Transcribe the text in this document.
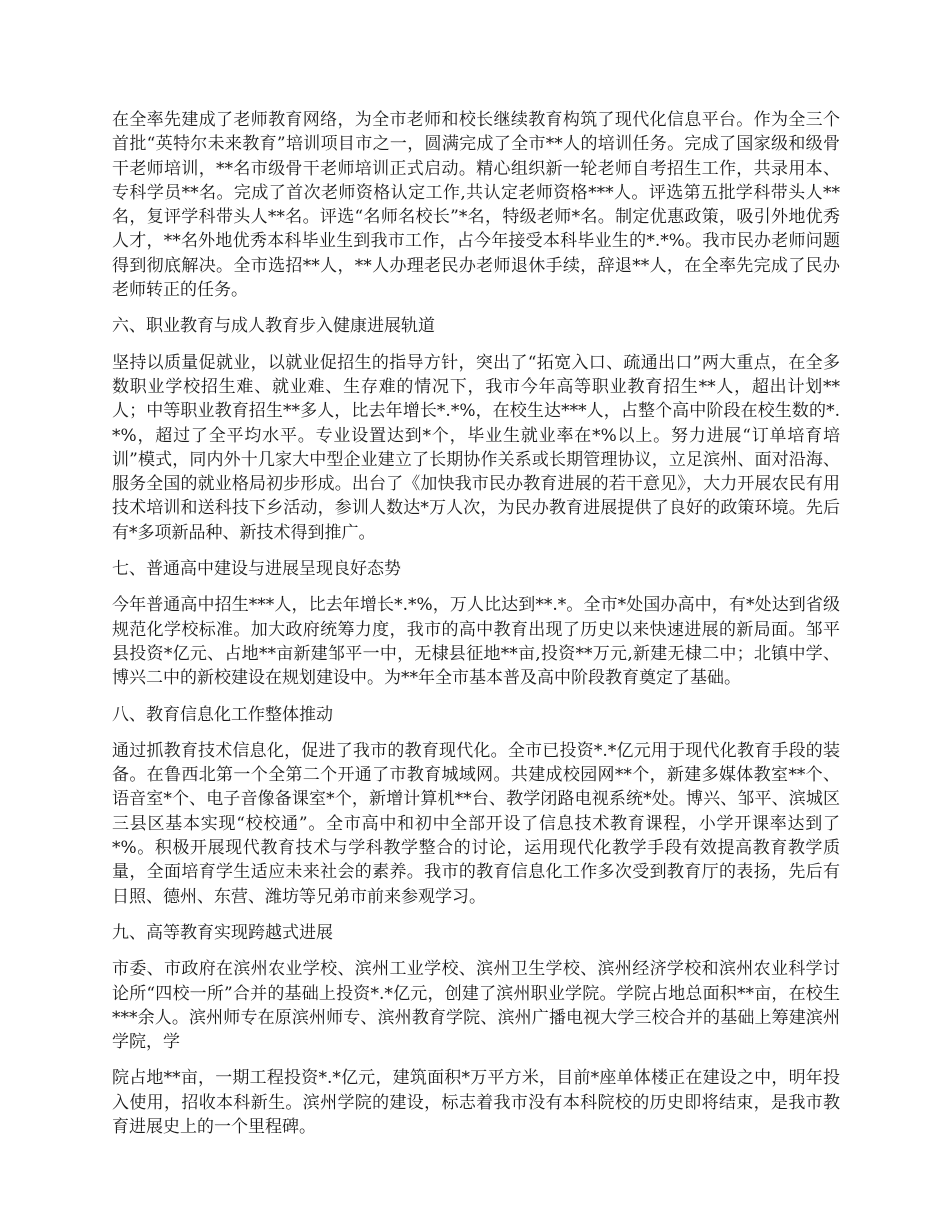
在全率先建成了老师教育网络，为全市老师和校长继续教育构筑了现代化信息平台。作为全三个首批“英特尔未来教育”培训项目市之一，圆满完成了全市**人的培训任务。完成了国家级和级骨干老师培训，**名市级骨干老师培训正式启动。精心组织新一轮老师自考招生工作，共录用本、专科学员**名。完成了首次老师资格认定工作,共认定老师资格***人。评选第五批学科带头人**名，复评学科带头人**名。评选“名师名校长”*名，特级老师*名。制定优惠政策，吸引外地优秀人才，**名外地优秀本科毕业生到我市工作，占今年接受本科毕业生的*.*%。我市民办老师问题得到彻底解决。全市选招**人，**人办理老民办老师退休手续，辞退**人，在全率先完成了民办老师转正的任务。

六、职业教育与成人教育步入健康进展轨道

坚持以质量促就业，以就业促招生的指导方针，突出了“拓宽入口、疏通出口”两大重点，在全多数职业学校招生难、就业难、生存难的情况下，我市今年高等职业教育招生**人，超出计划**人；中等职业教育招生**多人，比去年增长*.*%，在校生达***人，占整个高中阶段在校生数的*.*%，超过了全平均水平。专业设置达到*个，毕业生就业率在*%以上。努力进展“订单培育培训”模式，同内外十几家大中型企业建立了长期协作关系或长期管理协议，立足滨州、面对沿海、服务全国的就业格局初步形成。出台了《加快我市民办教育进展的若干意见》，大力开展农民有用技术培训和送科技下乡活动，参训人数达*万人次，为民办教育进展提供了良好的政策环境。先后有*多项新品种、新技术得到推广。

七、普通高中建设与进展呈现良好态势

今年普通高中招生***人，比去年增长*.*%，万人比达到**.*。全市*处国办高中，有*处达到省级规范化学校标准。加大政府统筹力度，我市的高中教育出现了历史以来快速进展的新局面。邹平县投资*亿元、占地**亩新建邹平一中，无棣县征地**亩,投资**万元,新建无棣二中；北镇中学、博兴二中的新校建设在规划建设中。为**年全市基本普及高中阶段教育奠定了基础。

八、教育信息化工作整体推动

通过抓教育技术信息化，促进了我市的教育现代化。全市已投资*.*亿元用于现代化教育手段的装备。在鲁西北第一个全第二个开通了市教育城域网。共建成校园网**个，新建多媒体教室**个、语音室*个、电子音像备课室*个，新增计算机**台、教学闭路电视系统*处。博兴、邹平、滨城区三县区基本实现“校校通”。全市高中和初中全部开设了信息技术教育课程，小学开课率达到了*%。积极开展现代教育技术与学科教学整合的讨论，运用现代化教学手段有效提高教育教学质量，全面培育学生适应未来社会的素养。我市的教育信息化工作多次受到教育厅的表扬，先后有日照、德州、东营、潍坊等兄弟市前来参观学习。

九、高等教育实现跨越式进展

市委、市政府在滨州农业学校、滨州工业学校、滨州卫生学校、滨州经济学校和滨州农业科学讨论所“四校一所”合并的基础上投资*.*亿元，创建了滨州职业学院。学院占地总面积**亩，在校生***余人。滨州师专在原滨州师专、滨州教育学院、滨州广播电视大学三校合并的基础上筹建滨州学院，学

院占地**亩，一期工程投资*.*亿元，建筑面积*万平方米，目前*座单体楼正在建设之中，明年投入使用，招收本科新生。滨州学院的建设，标志着我市没有本科院校的历史即将结束，是我市教育进展史上的一个里程碑。
